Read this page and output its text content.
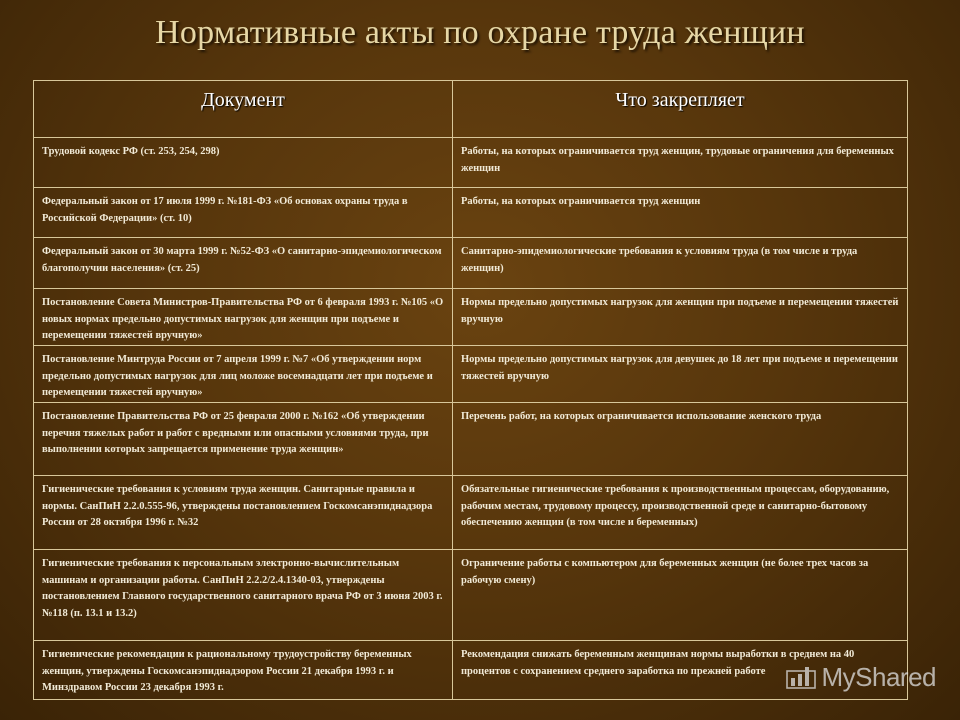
Нормативные акты по охране труда женщин
Документ	Что закрепляет
Трудовой кодекс РФ (ст. 253, 254, 298)	Работы, на которых ограничивается труд женщин, трудовые ограничения для беременных женщин
Федеральный закон от 17 июля 1999 г. №181-ФЗ «Об основах охраны труда в Российской Федерации» (ст. 10)	Работы, на которых ограничивается труд женщин
Федеральный закон от 30 марта 1999 г. №52-ФЗ «О санитарно-эпидемиологическом благополучии населения» (ст. 25)	Санитарно-эпидемиологические требования к условиям труда (в том числе и труда женщин)
Постановление Совета Министров-Правительства РФ от 6 февраля 1993 г. №105 «О новых нормах предельно допустимых нагрузок для женщин при подъеме и перемещении тяжестей вручную»	Нормы предельно допустимых нагрузок для женщин при подъеме и перемещении тяжестей вручную
Постановление Минтруда России от 7 апреля 1999 г. №7 «Об утверждении норм предельно допустимых нагрузок для лиц моложе восемнадцати лет при подъеме и перемещении тяжестей вручную»	Нормы предельно допустимых нагрузок для девушек до 18 лет при подъеме и перемещении тяжестей вручную
Постановление Правительства РФ от 25 февраля 2000 г. №162 «Об утверждении перечня тяжелых работ и работ с вредными или опасными условиями труда, при выполнении которых запрещается применение труда женщин»	Перечень работ, на которых ограничивается использование женского труда
Гигиенические требования к условиям труда женщин. Санитарные правила и нормы. СанПиН 2.2.0.555-96, утверждены постановлением Госкомсанэпиднадзора России от 28 октября 1996 г. №32	Обязательные гигиенические требования к производственным процессам, оборудованию, рабочим местам, трудовому процессу, производственной среде и санитарно-бытовому обеспечению женщин (в том числе и беременных)
Гигиенические требования к персональным электронно-вычислительным машинам и организации работы. СанПиН 2.2.2/2.4.1340-03, утверждены постановлением Главного государственного санитарного врача РФ от 3 июня 2003 г. №118 (п. 13.1 и 13.2)	Ограничение работы с компьютером для беременных женщин (не более трех часов за рабочую смену)
Гигиенические рекомендации к рациональному трудоустройству беременных женщин, утверждены Госкомсанэпиднадзором России 21 декабря 1993 г. и Минздравом России 23 декабря 1993 г.	Рекомендация снижать беременным женщинам нормы выработки в среднем на 40 процентов с сохранением среднего заработка по прежней работе MyShared
